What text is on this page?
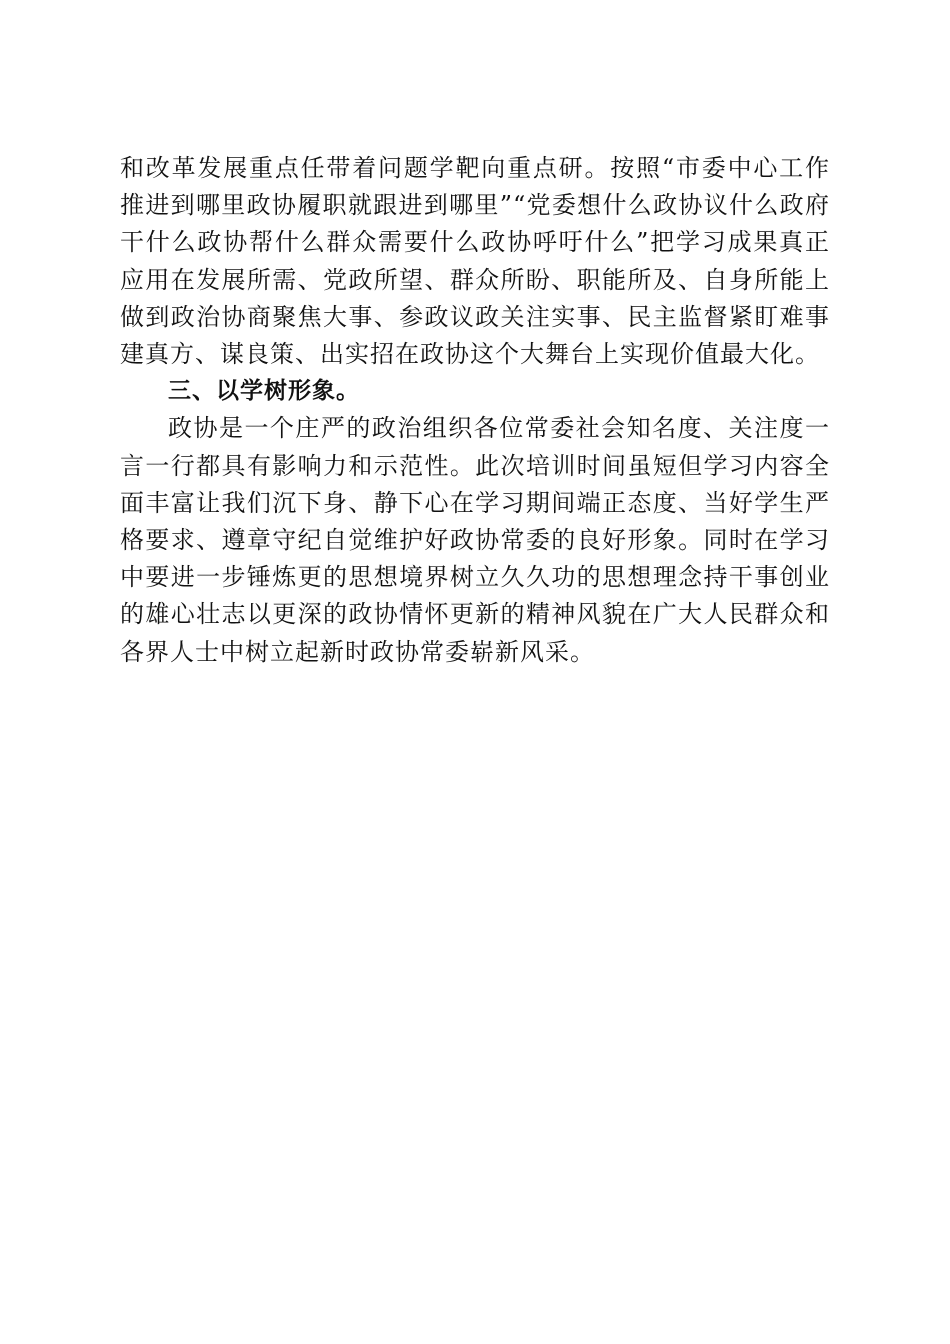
和改革发展重点任带着问题学靶向重点研。按照“市委中心工作推进到哪里政协履职就跟进到哪里”“党委想什么政协议什么政府干什么政协帮什么群众需要什么政协呼吁什么”把学习成果真正应用在发展所需、党政所望、群众所盼、职能所及、自身所能上做到政治协商聚焦大事、参政议政关注实事、民主监督紧盯难事建真方、谋良策、出实招在政协这个大舞台上实现价值最大化。

三、以学树形象。

政协是一个庄严的政治组织各位常委社会知名度、关注度一言一行都具有影响力和示范性。此次培训时间虽短但学习内容全面丰富让我们沉下身、静下心在学习期间端正态度、当好学生严格要求、遵章守纪自觉维护好政协常委的良好形象。同时在学习中要进一步锤炼更的思想境界树立久久功的思想理念持干事创业的雄心壮志以更深的政协情怀更新的精神风貌在广大人民群众和各界人士中树立起新时政协常委崭新风采。
